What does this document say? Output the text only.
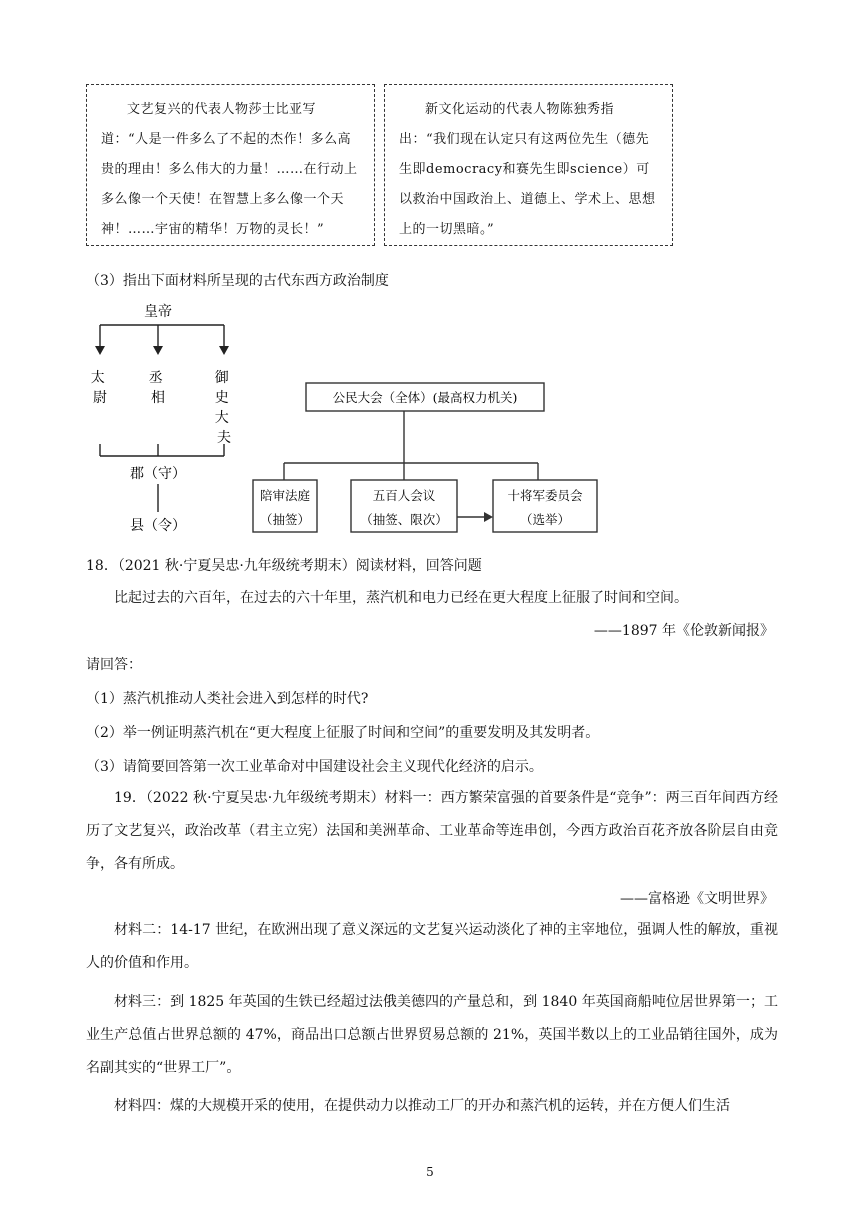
文艺复兴的代表人物莎士比亚写道：“人是一件多么了不起的杰作！多么高贵的理由！多么伟大的力量！……在行动上多么像一个天使！在智慧上多么像一个天神！……宇宙的精华！万物的灵长！”

新文化运动的代表人物陈独秀指出：“我们现在认定只有这两位先生（德先生即democracy和赛先生即science）可以救治中国政治上、道德上、学术上、思想上的一切黑暗。”

（3）指出下面材料所呈现的古代东西方政治制度
皇帝
太 尉
丞 相
御 史 大 夫
郡（守）
县（令）
公民大会（全体）(最高权力机关)
陪审法庭
（抽签）
五百人会议
（抽签、限次）
十将军委员会
（选举）
18．（2021 秋·宁夏吴忠·九年级统考期末）阅读材料，回答问题
比起过去的六百年，在过去的六十年里，蒸汽机和电力已经在更大程度上征服了时间和空间。
——1897 年《伦敦新闻报》
请回答：
（1）蒸汽机推动人类社会进入到怎样的时代?
（2）举一例证明蒸汽机在“更大程度上征服了时间和空间”的重要发明及其发明者。
（3）请简要回答第一次工业革命对中国建设社会主义现代化经济的启示。

19．（2022 秋·宁夏吴忠·九年级统考期末）材料一：西方繁荣富强的首要条件是“竞争”：两三百年间西方经历了文艺复兴，政治改革（君主立宪）法国和美洲革命、工业革命等连串创，今西方政治百花齐放各阶层自由竞争，各有所成。

——富格逊《文明世界》

材料二：14-17 世纪，在欧洲出现了意义深远的文艺复兴运动淡化了神的主宰地位，强调人性的解放，重视人的价值和作用。

材料三：到 1825 年英国的生铁已经超过法俄美德四的产量总和，到 1840 年英国商船吨位居世界第一；工业生产总值占世界总额的 47%，商品出口总额占世界贸易总额的 21%，英国半数以上的工业品销往国外，成为名副其实的“世界工厂”。

材料四：煤的大规模开采的使用，在提供动力以推动工厂的开办和蒸汽机的运转，并在方便人们生活

5
